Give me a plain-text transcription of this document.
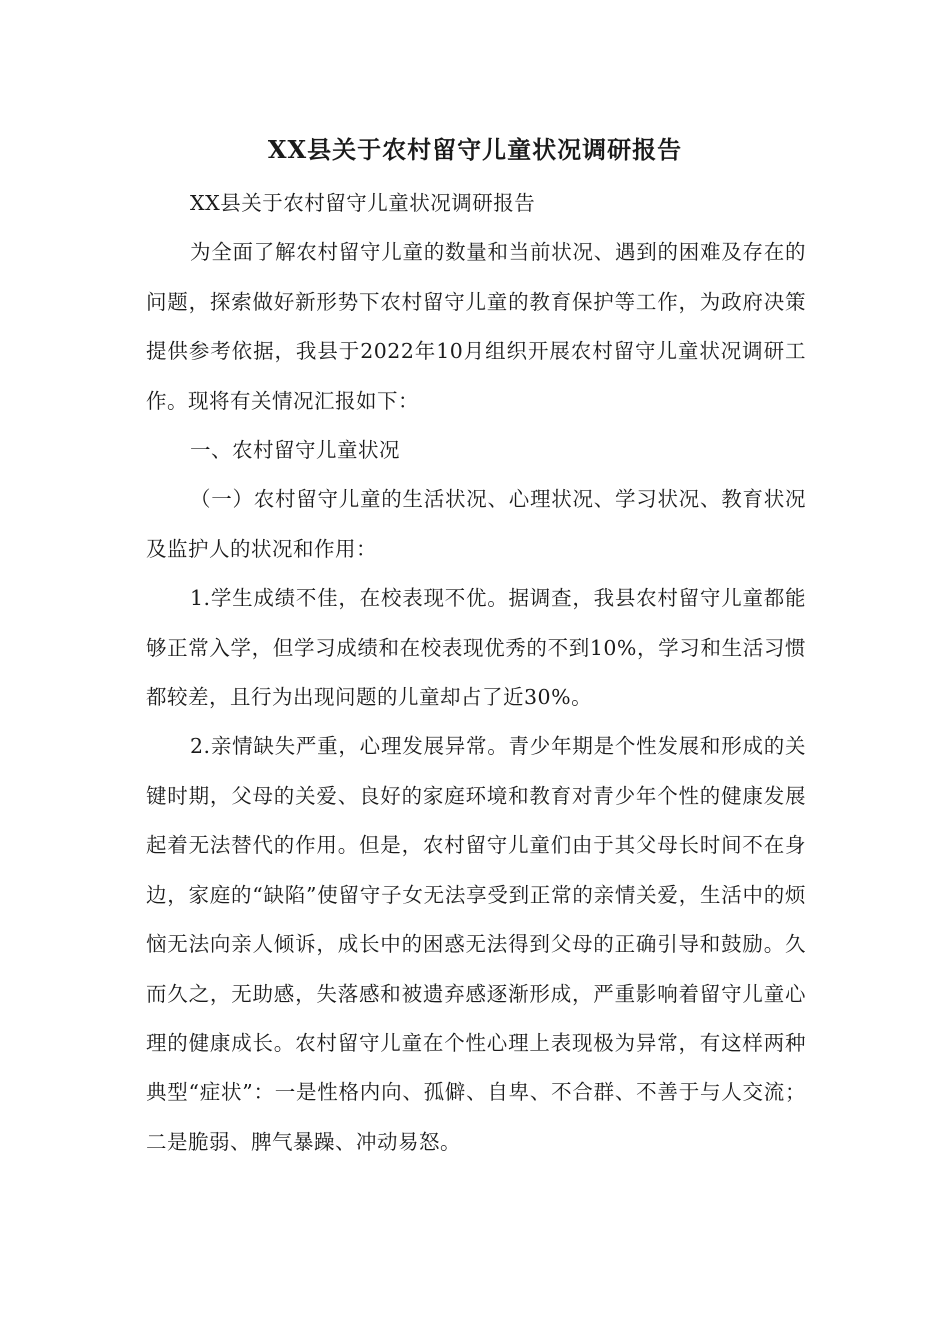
XX县关于农村留守儿童状况调研报告

XX县关于农村留守儿童状况调研报告

为全面了解农村留守儿童的数量和当前状况、遇到的困难及存在的问题，探索做好新形势下农村留守儿童的教育保护等工作，为政府决策提供参考依据，我县于2022年10月组织开展农村留守儿童状况调研工作。现将有关情况汇报如下：

一、农村留守儿童状况

（一）农村留守儿童的生活状况、心理状况、学习状况、教育状况及监护人的状况和作用：

1.学生成绩不佳，在校表现不优。据调查，我县农村留守儿童都能够正常入学，但学习成绩和在校表现优秀的不到10%，学习和生活习惯都较差，且行为出现问题的儿童却占了近30%。

2.亲情缺失严重，心理发展异常。青少年期是个性发展和形成的关键时期，父母的关爱、良好的家庭环境和教育对青少年个性的健康发展起着无法替代的作用。但是，农村留守儿童们由于其父母长时间不在身边，家庭的“缺陷”使留守子女无法享受到正常的亲情关爱，生活中的烦恼无法向亲人倾诉，成长中的困惑无法得到父母的正确引导和鼓励。久而久之，无助感，失落感和被遗弃感逐渐形成，严重影响着留守儿童心理的健康成长。农村留守儿童在个性心理上表现极为异常，有这样两种典型“症状”：一是性格内向、孤僻、自卑、不合群、不善于与人交流；二是脆弱、脾气暴躁、冲动易怒。
